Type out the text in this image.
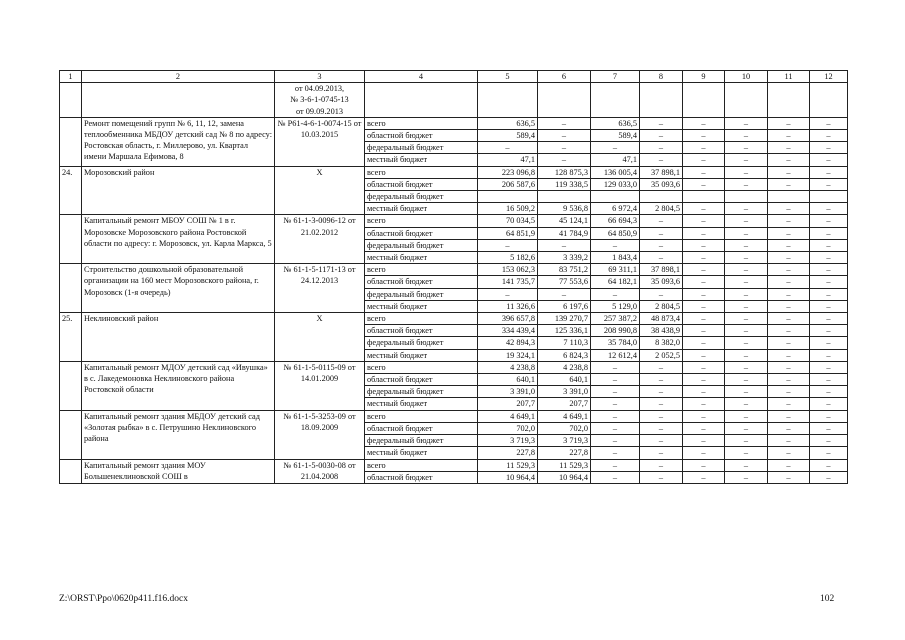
1	2	3	4	5	6	7	8	9	10	11	12
		от 04.09.2013,
№ 3-6-1-0745-13
от 09.09.2013									
	Ремонт помещений групп № 6, 11, 12, замена теплообменника МБДОУ детский сад № 8 по адресу: Ростовская область, г. Миллерово, ул. Квартал имени Маршала Ефимова, 8	№ Р61-4-6-1-0074-15 от 10.03.2015	всего	636,5	–	636,5	–	–	–	–	–
			областной бюджет	589,4	–	589,4	–	–	–	–	–
			федеральный бюджет	–	–	–	–	–	–	–	–
			местный бюджет	47,1	–	47,1	–	–	–	–	–
24.	Морозовский район	Х	всего	223 096,8	128 875,3	136 005,4	37 898,1	–	–	–	–
			областной бюджет	206 587,6	119 338,5	129 033,0	35 093,6	–	–	–	–
			федеральный бюджет								
			местный бюджет	16 509,2	9 536,8	6 972,4	2 804,5	–	–	–	–
	Капитальный ремонт МБОУ СОШ № 1 в г. Морозовске Морозовского района Ростовской области по адресу: г. Морозовск, ул. Карла Маркса, 5	№ 61-1-3-0096-12 от 21.02.2012	всего	70 034,5	45 124,1	66 694,3	–	–	–	–	–
			областной бюджет	64 851,9	41 784,9	64 850,9	–	–	–	–	–
			федеральный бюджет	–	–	–	–	–	–	–	–
			местный бюджет	5 182,6	3 339,2	1 843,4	–	–	–	–	–
	Строительство дошкольной образовательной организации на 160 мест Морозовского района, г. Морозовск (1-я очередь)	№ 61-1-5-1171-13 от 24.12.2013	всего	153 062,3	83 751,2	69 311,1	37 898,1	–	–	–	–
			областной бюджет	141 735,7	77 553,6	64 182,1	35 093,6	–	–	–	–
			федеральный бюджет	–	–	–	–	–	–	–	–
			местный бюджет	11 326,6	6 197,6	5 129,0	2 804,5	–	–	–	–
25.	Неклиновский район	Х	всего	396 657,8	139 270,7	257 387,2	48 873,4	–	–	–	–
			областной бюджет	334 439,4	125 336,1	208 990,8	38 438,9	–	–	–	–
			федеральный бюджет	42 894,3	7 110,3	35 784,0	8 382,0	–	–	–	–
			местный бюджет	19 324,1	6 824,3	12 612,4	2 052,5	–	–	–	–
	Капитальный ремонт МДОУ детский сад «Ивушка» в с. Лакедемоновка Неклиновского района Ростовской области	№ 61-1-5-0115-09 от 14.01.2009	всего	4 238,8	4 238,8	–	–	–	–	–	–
			областной бюджет	640,1	640,1	–	–	–	–	–	–
			федеральный бюджет	3 391,0	3 391,0	–	–	–	–	–	–
			местный бюджет	207,7	207,7	–	–	–	–	–	–
	Капитальный ремонт здания МБДОУ детский сад «Золотая рыбка» в с. Петрушино Неклиновского района	№ 61-1-5-3253-09 от 18.09.2009	всего	4 649,1	4 649,1	–	–	–	–	–	–
			областной бюджет	702,0	702,0	–	–	–	–	–	–
			федеральный бюджет	3 719,3	3 719,3	–	–	–	–	–	–
			местный бюджет	227,8	227,8	–	–	–	–	–	–
	Капитальный ремонт здания МОУ Большенеклиновской СОШ в	№ 61-1-5-0030-08 от 21.04.2008	всего	11 529,3	11 529,3	–	–	–	–	–	–
			областной бюджет	10 964,4	10 964,4	–	–	–	–	–	–
Z:\ORST\Ppo\0620p411.f16.docx	102
